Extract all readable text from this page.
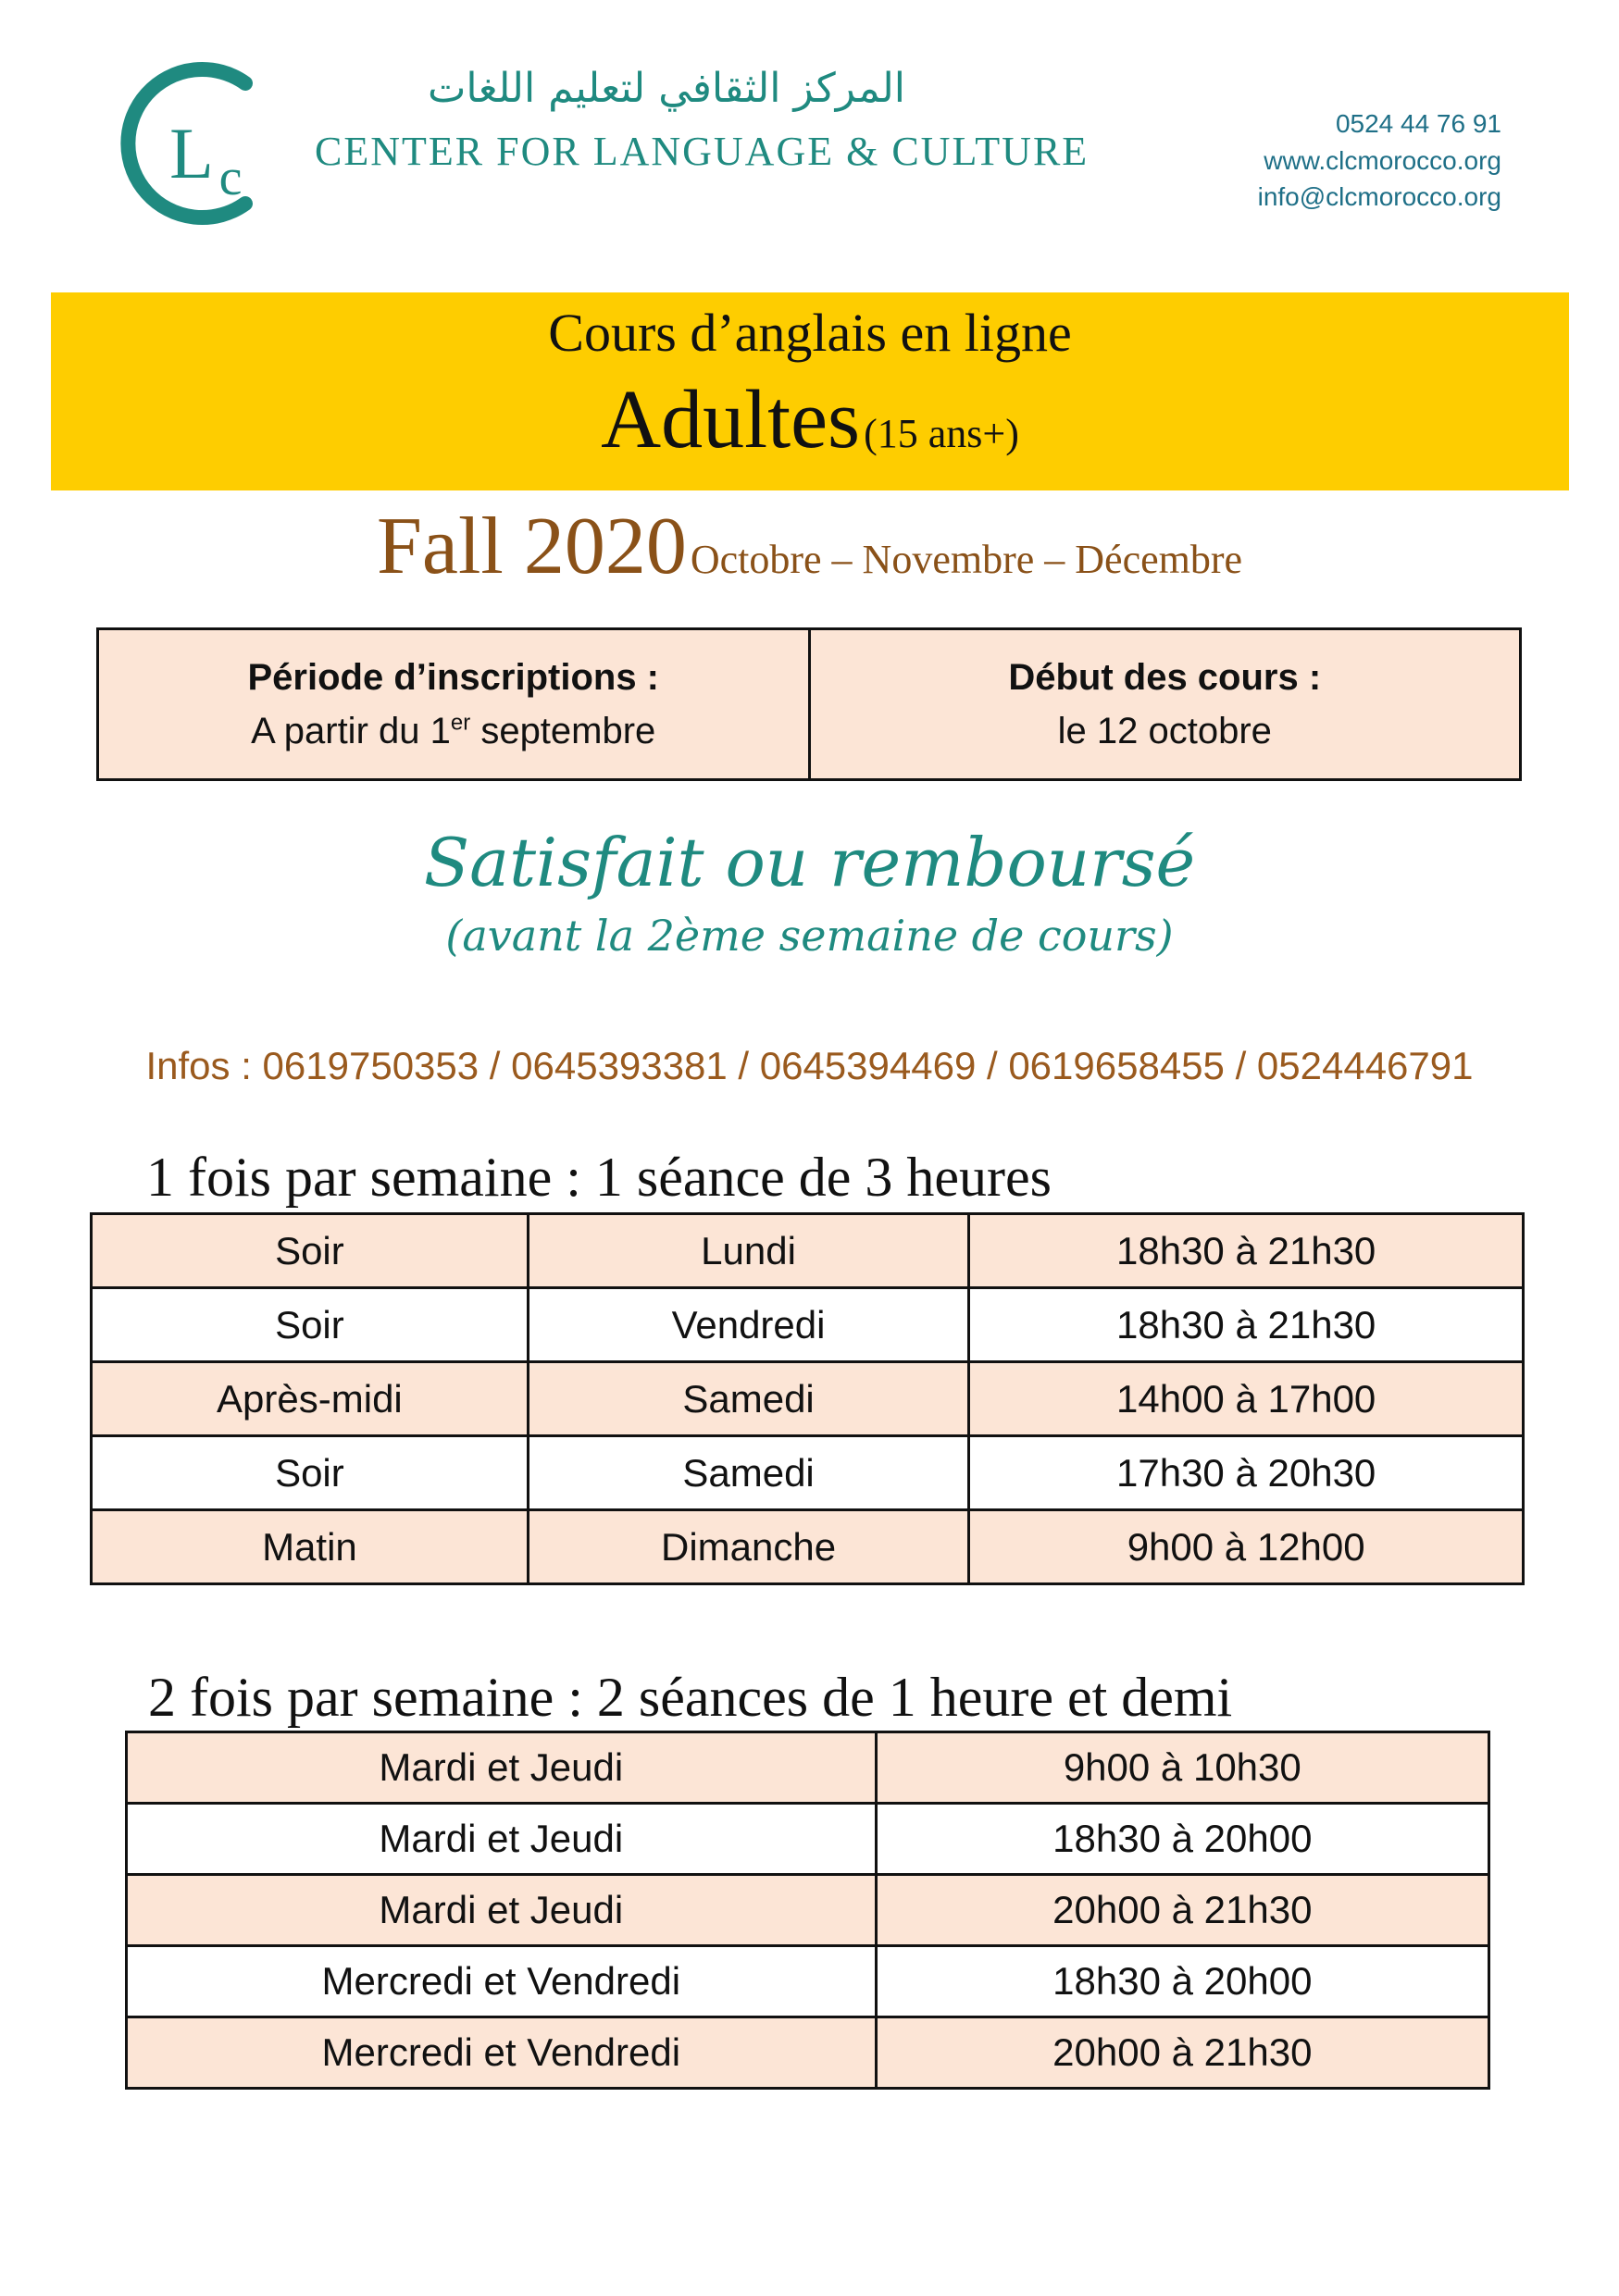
L c
المركز الثقافي لتعليم اللغات
CENTER FOR LANGUAGE & CULTURE
0524 44 76 91
www.clcmorocco.org
info@clcmorocco.org
Cours d’anglais en ligne
Adultes (15 ans+)
Fall 2020 Octobre – Novembre – Décembre
Période d’inscriptions :
A partir du 1er septembre
Début des cours :
le 12 octobre
Satisfait ou remboursé
(avant la 2ème semaine de cours)
Infos : 0619750353 / 0645393381 / 0645394469 / 0619658455 / 0524446791
1 fois par semaine : 1 séance de 3 heures
Soir	Lundi	18h30 à 21h30
Soir	Vendredi	18h30 à 21h30
Après-midi	Samedi	14h00 à 17h00
Soir	Samedi	17h30 à 20h30
Matin	Dimanche	9h00 à 12h00
2 fois par semaine : 2 séances de 1 heure et demi
Mardi et Jeudi	9h00 à 10h30
Mardi et Jeudi	18h30 à 20h00
Mardi et Jeudi	20h00 à 21h30
Mercredi et Vendredi	18h30 à 20h00
Mercredi et Vendredi	20h00 à 21h30
